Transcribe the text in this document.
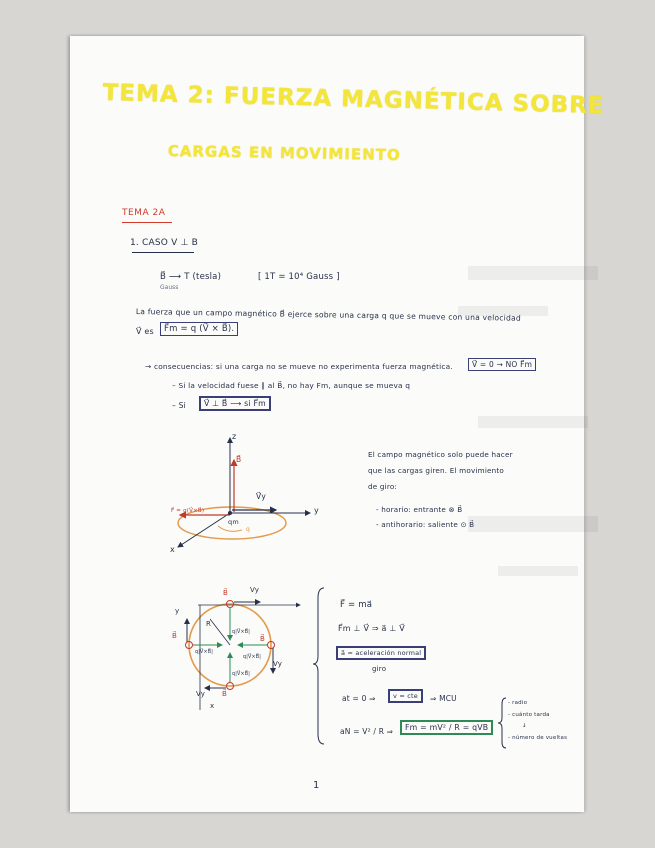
TEMA 2: FUERZA MAGNÉTICA SOBRE
CARGAS EN MOVIMIENTO
TEMA 2A
1. CASO V ⊥ B
B⃗ ⟶ T (tesla)
Gauss
[ 1T = 10⁴ Gauss ]
La fuerza que un campo magnético B⃗ ejerce sobre una carga q que se mueve con una velocidad
V⃗ es	F⃗m = q (V⃗ × B⃗).
→ consecuencias: si una carga no se mueve no experimenta fuerza magnética.	V⃗ = 0 → NO F⃗m
– Si la velocidad fuese ∥ al B⃗, no hay Fm, aunque se mueva q
– Si	V⃗ ⊥ B⃗ ⟶ si F⃗m
z
y
x
B⃗
V⃗y
F⃗ = q(V⃗×B⃗)
qm
q
El campo magnético solo puede hacer
que las cargas giren. El movimiento
de giro:
- horario: entrante ⊗ B⃗
- antihorario: saliente ⊙ B⃗
B⃗	Vy
B⃗	B⃗
B⃗
Vy
Vy
R
q|V⃗×B⃗|
q|V⃗×B⃗|
q|V⃗×B⃗|
q|V⃗×B⃗|
y
x
F⃗ = ma⃗
F⃗m ⊥ V⃗ ⇒ a⃗ ⊥ V⃗
a⃗ = aceleración normal
giro
at = 0 ⇒	v = cte	⇒ MCU
aN = V² / R ⇒	Fm = mV² / R = qVB
- radio
- cuánto tarda
↓
- número de vueltas
1
